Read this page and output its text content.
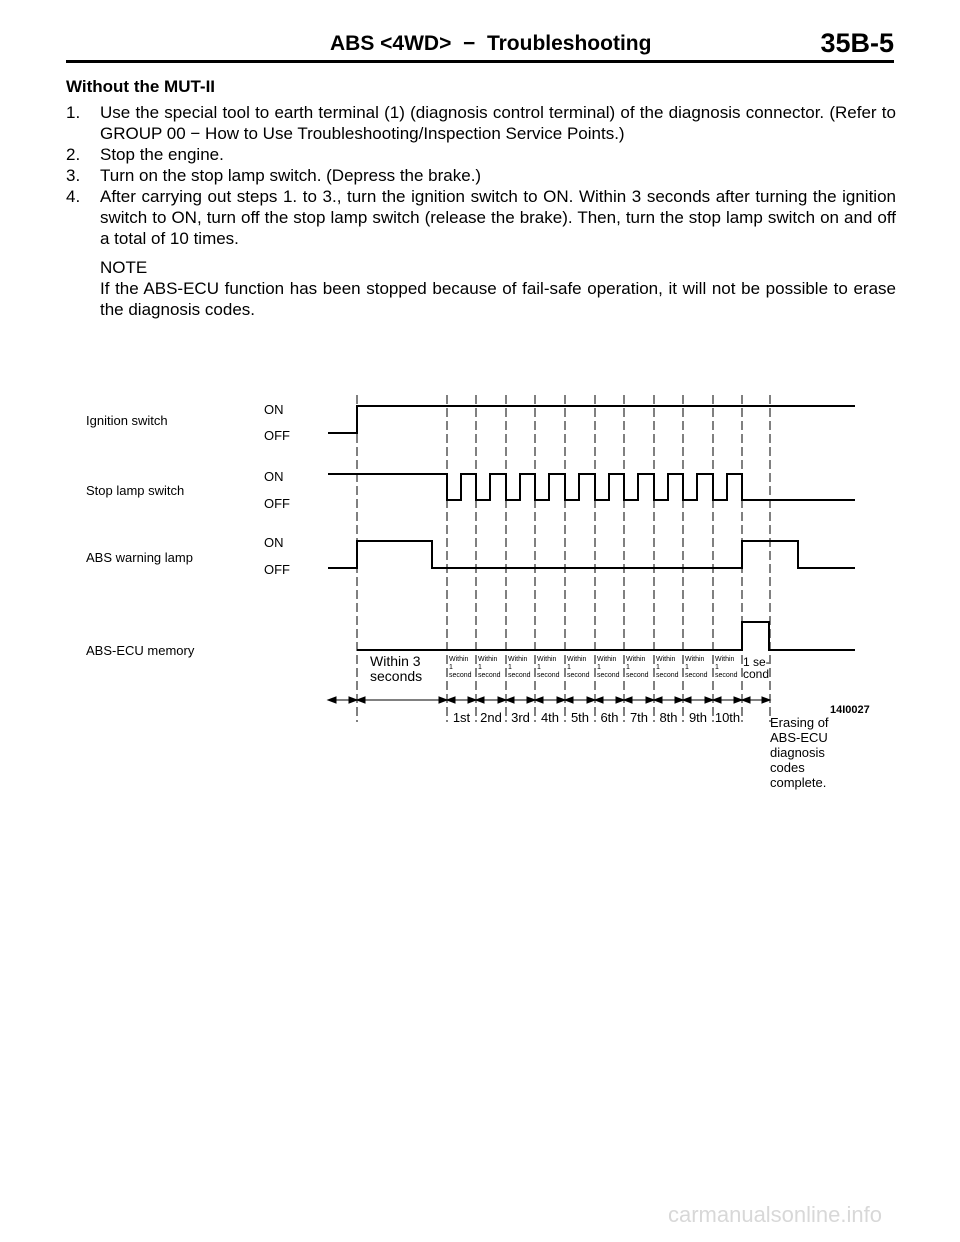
ABS <4WD>  −  Troubleshooting	35B-5
Without the MUT-II
1.	Use the special tool to earth terminal (1) (diagnosis control terminal) of the diagnosis connector. (Refer to GROUP 00 − How to Use Troubleshooting/Inspection Service Points.)
2.	Stop the engine.
3.	Turn on the stop lamp switch. (Depress the brake.)
4.	After carrying out steps 1. to 3., turn the ignition switch to ON. Within 3 seconds after turning the ignition switch to ON, turn off the stop lamp switch (release the brake). Then, turn the stop lamp switch on and off a total of 10 times.
NOTE
If the ABS-ECU function has been stopped because of fail-safe operation, it will not be possible to erase the diagnosis codes.
Ignition switch
Stop lamp switch
ABS warning lamp
ABS-ECU memory
ON
OFF
ON
OFF
ON
OFF
Within 3
seconds
Within
1
second
Within
1
second
Within
1
second
Within
1
second
Within
1
second
Within
1
second
Within
1
second
Within
1
second
Within
1
second
Within
1
second
1 se-
cond
14I0027
1st 2nd 3rd 4th 5th 6th 7th 8th 9th 10th Erasing of
ABS-ECU
diagnosis
codes
complete.
carmanualsonline.info
